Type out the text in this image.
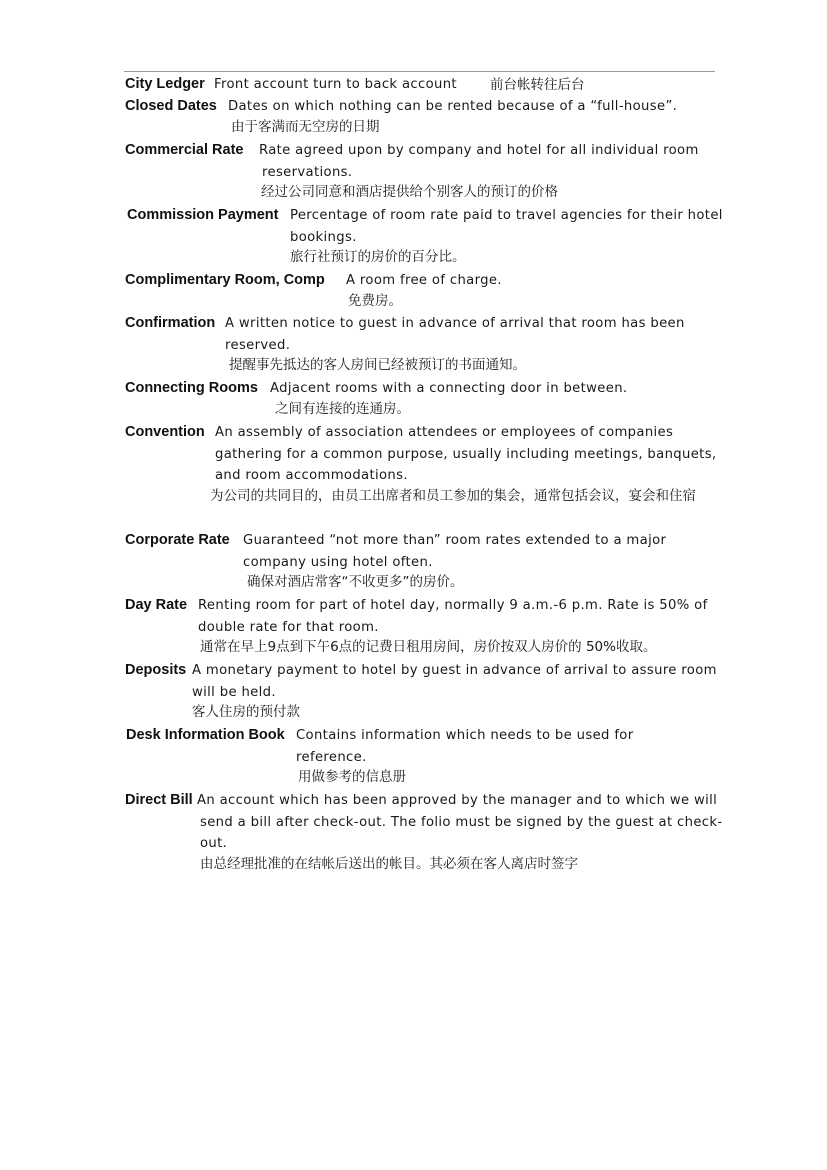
City Ledger Front account turn to back account 前台帐转往后台
Closed Dates Dates on which nothing can be rented because of a “full-house”.
由于客满而无空房的日期
Commercial Rate Rate agreed upon by company and hotel for all individual room reservations.
经过公司同意和酒店提供给个别客人的预订的价格
Commission Payment Percentage of room rate paid to travel agencies for their hotel bookings.
旅行社预订的房价的百分比。
Complimentary Room, Comp A room free of charge.
免费房。
Confirmation A written notice to guest in advance of arrival that room has been reserved.
提醒事先抵达的客人房间已经被预订的书面通知。
Connecting Rooms Adjacent rooms with a connecting door in between.
之间有连接的连通房。
Convention An assembly of association attendees or employees of companies gathering for a common purpose, usually including meetings, banquets, and room accommodations.
为公司的共同目的，由员工出席者和员工参加的集会，通常包括会议，宴会和住宿
Corporate Rate Guaranteed “not more than” room rates extended to a major company using hotel often.
确保对酒店常客“不收更多”的房价。
Day Rate Renting room for part of hotel day, normally 9 a.m.-6 p.m. Rate is 50% of double rate for that room.
通常在早上9点到下午6点的记费日租用房间，房价按双人房价的 50%收取。
Deposits A monetary payment to hotel by guest in advance of arrival to assure room will be held.
客人住房的预付款
Desk Information Book Contains information which needs to be used for reference.
用做参考的信息册
Direct Bill An account which has been approved by the manager and to which we will send a bill after check-out. The folio must be signed by the guest at check-out.
由总经理批准的在结帐后送出的帐目。其必须在客人离店时签字
